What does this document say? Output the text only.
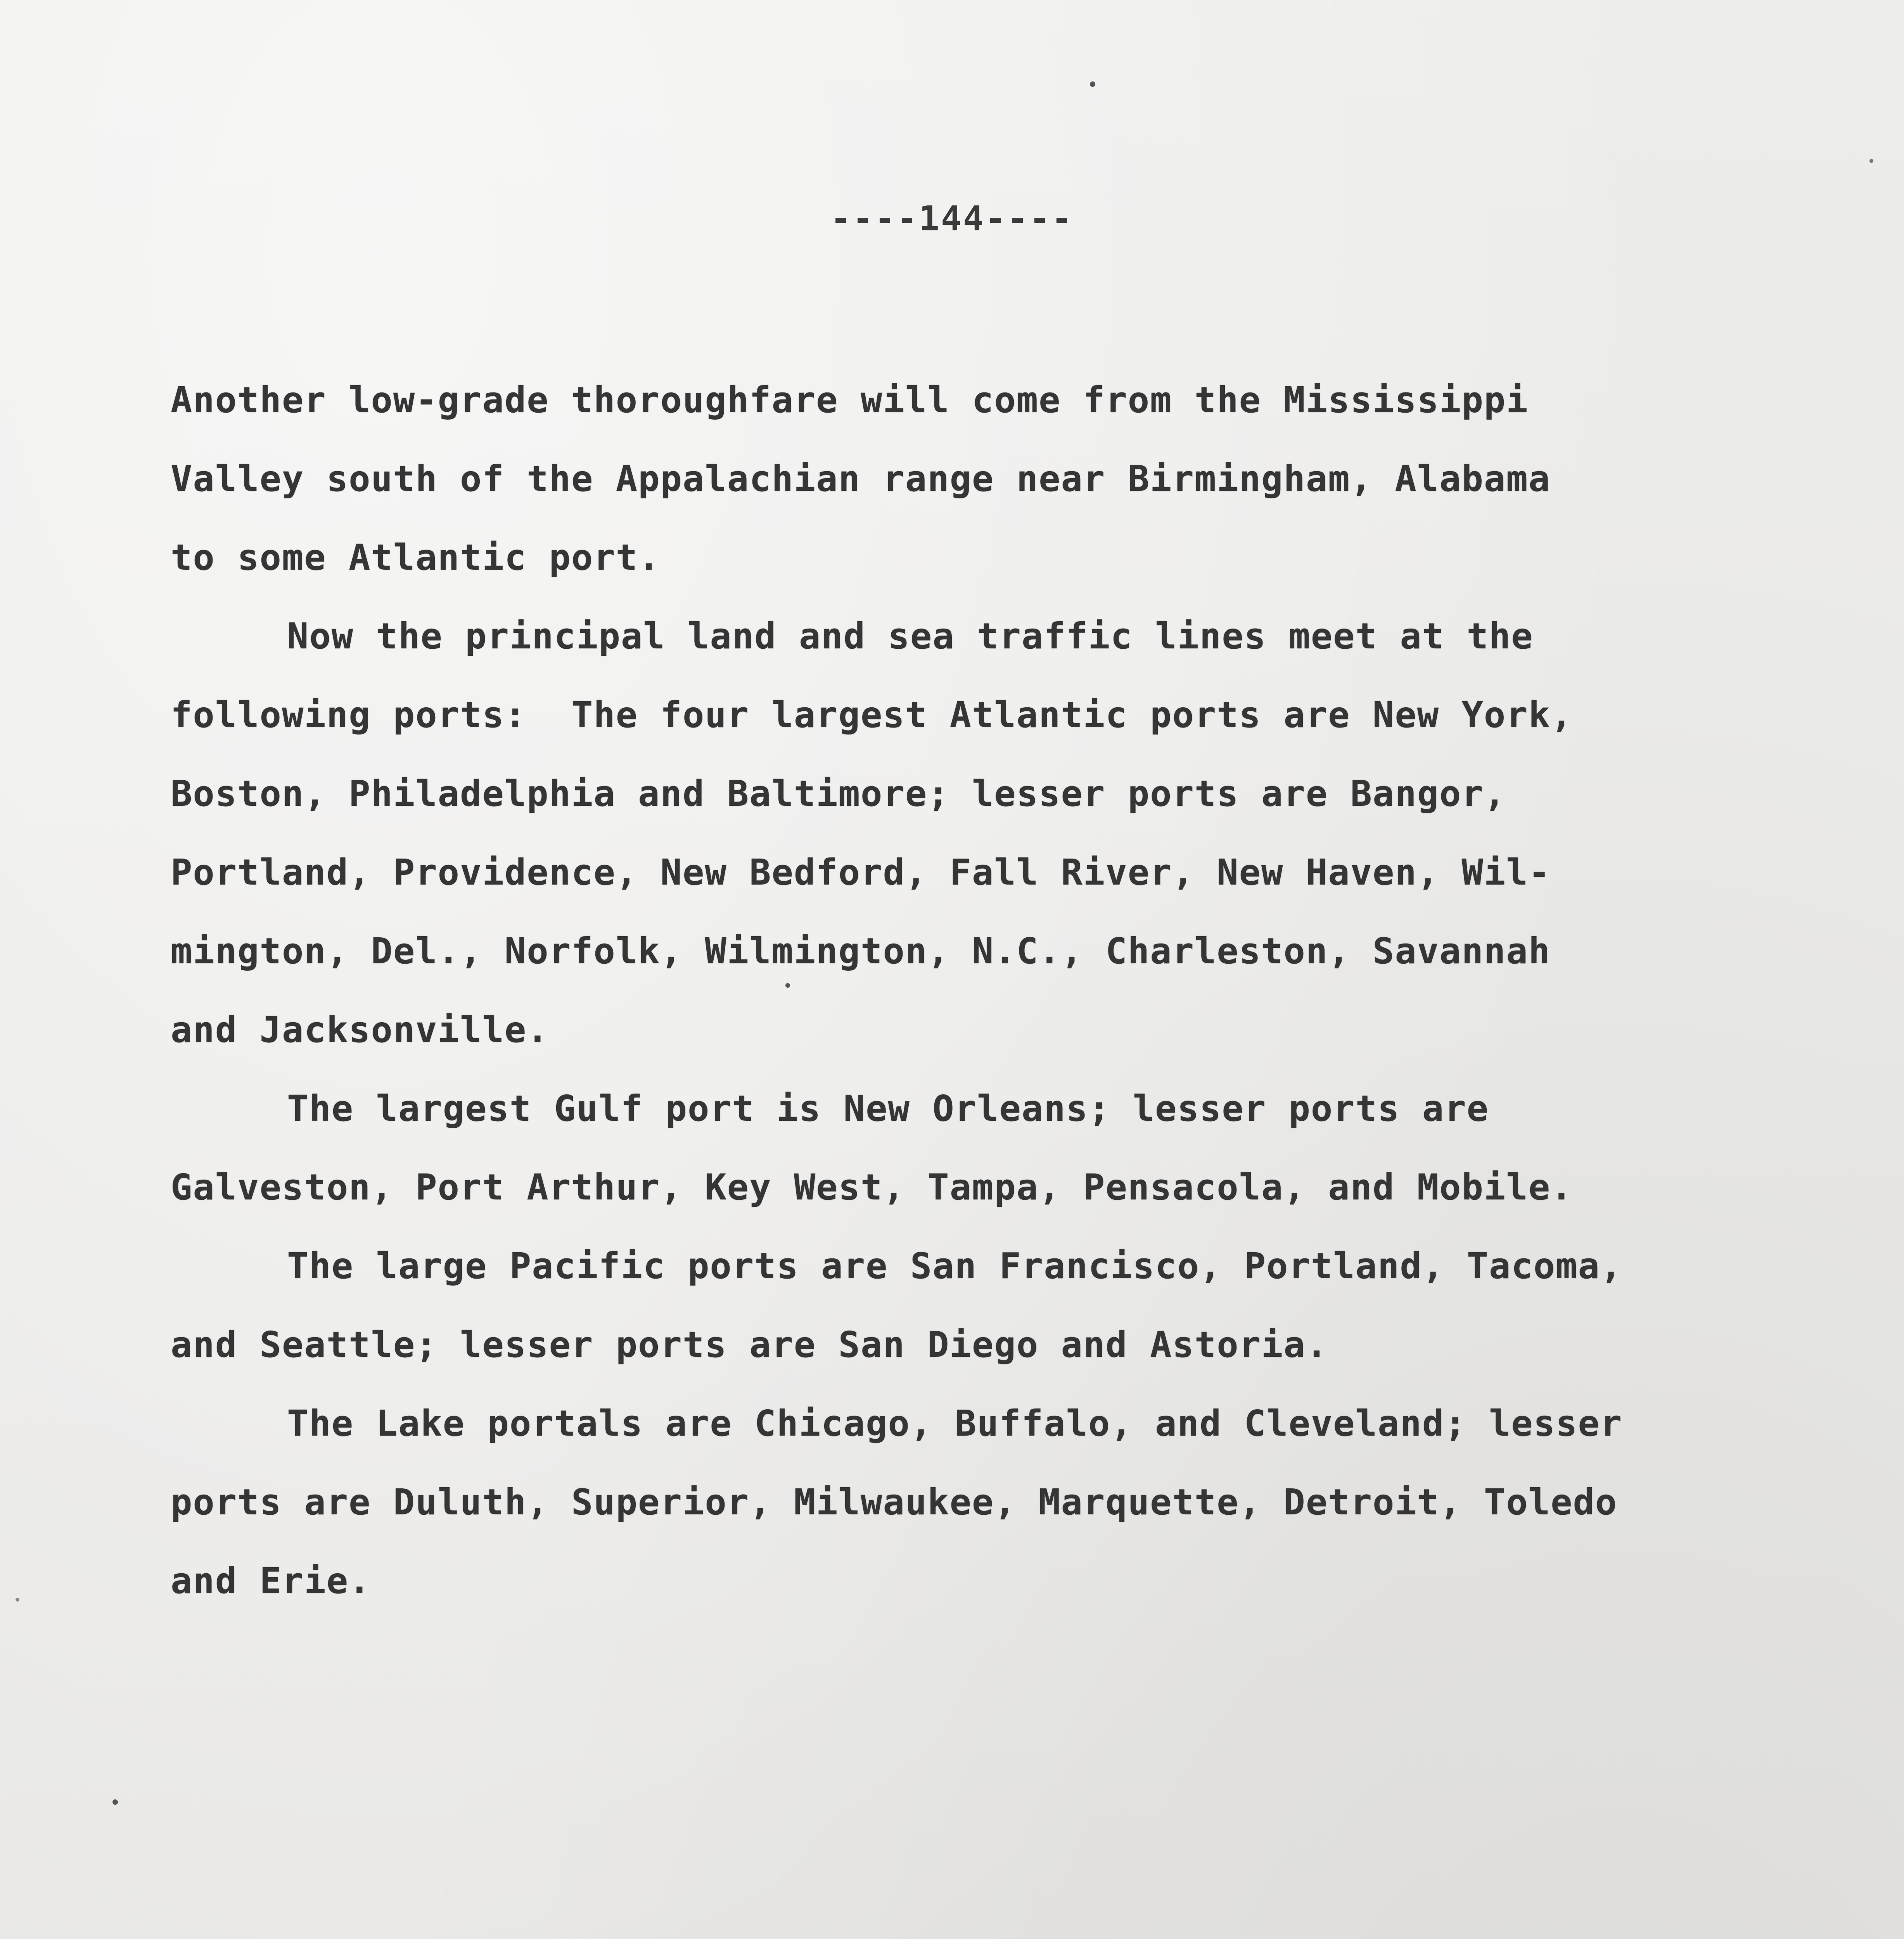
----144----

Another low-grade thoroughfare will come from the Mississippi
Valley south of the Appalachian range near Birmingham, Alabama
to some Atlantic port.
Now the principal land and sea traffic lines meet at the
following ports:  The four largest Atlantic ports are New York,
Boston, Philadelphia and Baltimore; lesser ports are Bangor,
Portland, Providence, New Bedford, Fall River, New Haven, Wil-
mington, Del., Norfolk, Wilmington, N.C., Charleston, Savannah
and Jacksonville.
The largest Gulf port is New Orleans; lesser ports are
Galveston, Port Arthur, Key West, Tampa, Pensacola, and Mobile.
The large Pacific ports are San Francisco, Portland, Tacoma,
and Seattle; lesser ports are San Diego and Astoria.
The Lake portals are Chicago, Buffalo, and Cleveland; lesser
ports are Duluth, Superior, Milwaukee, Marquette, Detroit, Toledo
and Erie.
